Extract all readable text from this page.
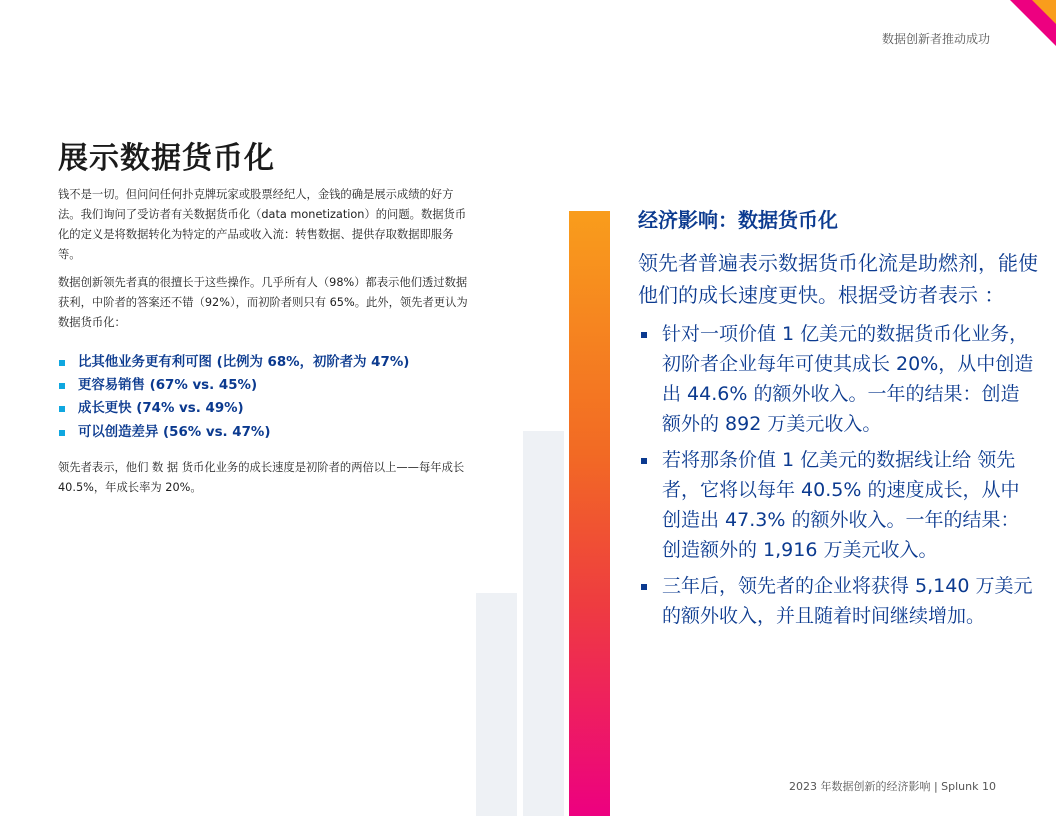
数据创新者推动成功
展示数据货币化

钱不是一切。但问问任何扑克牌玩家或股票经纪人，金钱的确是展示成绩的好方法。我们询问了受访者有关数据货币化（data monetization）的问题。数据货币化的定义是将数据转化为特定的产品或收入流：转售数据、提供存取数据即服务等。

数据创新领先者真的很擅长于这些操作。几乎所有人（98%）都表示他们透过数据获利，中阶者的答案还不错（92%），而初阶者则只有 65%。此外，领先者更认为数据货币化：

比其他业务更有利可图 (比例为 68%，初阶者为 47%)
更容易销售 (67% vs. 45%)
成长更快 (74% vs. 49%)
可以创造差异 (56% vs. 47%)

领先者表示，他们 数 据 货币化业务的成长速度是初阶者的两倍以上——每年成长 40.5%，年成长率为 20%。

经济影响：数据货币化
领先者普遍表示数据货币化流是助燃剂，能使他们的成长速度更快。根据受访者表示 ：
针对一项价值 1 亿美元的数据货币化业务，初阶者企业每年可使其成长 20%，从中创造出 44.6% 的额外收入。一年的结果：创造额外的 892 万美元收入。
若将那条价值 1 亿美元的数据线让给 领先者，它将以每年 40.5% 的速度成长，从中创造出 47.3% 的额外收入。一年的结果：创造额外的 1,916 万美元收入。
三年后，领先者的企业将获得 5,140 万美元的额外收入，并且随着时间继续增加。
2023 年数据创新的经济影响 | Splunk 10
